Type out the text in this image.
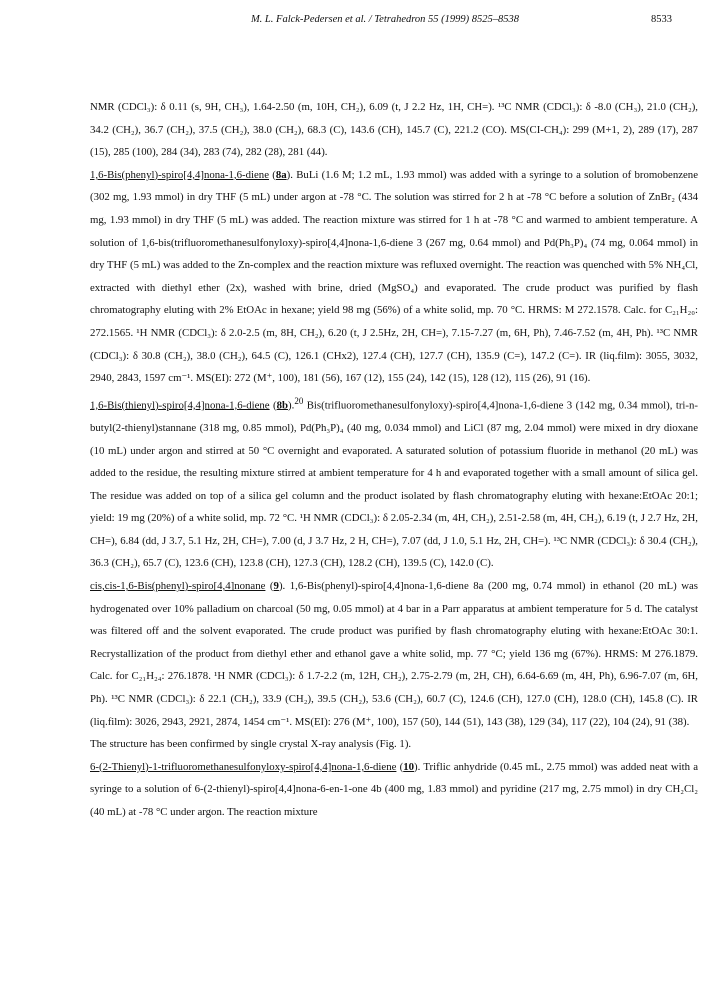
M. L. Falck-Pedersen et al. / Tetrahedron 55 (1999) 8525–8538	8533

NMR (CDCl₃): δ 0.11 (s, 9H, CH₃), 1.64-2.50 (m, 10H, CH₂), 6.09 (t, J 2.2 Hz, 1H, CH=). ¹³C NMR (CDCl₃): δ -8.0 (CH₃), 21.0 (CH₂), 34.2 (CH₂), 36.7 (CH₂), 37.5 (CH₂), 38.0 (CH₂), 68.3 (C), 143.6 (CH), 145.7 (C), 221.2 (CO). MS(CI-CH₄): 299 (M+1, 2), 289 (17), 287 (15), 285 (100), 284 (34), 283 (74), 282 (28), 281 (44).

1,6-Bis(phenyl)-spiro[4,4]nona-1,6-diene (8a). BuLi (1.6 M; 1.2 mL, 1.93 mmol) was added with a syringe to a solution of bromobenzene (302 mg, 1.93 mmol) in dry THF (5 mL) under argon at -78 °C. The solution was stirred for 2 h at -78 °C before a solution of ZnBr₂ (434 mg, 1.93 mmol) in dry THF (5 mL) was added. The reaction mixture was stirred for 1 h at -78 °C and warmed to ambient temperature. A solution of 1,6-bis(trifluoromethanesulfonyloxy)-spiro[4,4]nona-1,6-diene 3 (267 mg, 0.64 mmol) and Pd(Ph₃P)₄ (74 mg, 0.064 mmol) in dry THF (5 mL) was added to the Zn-complex and the reaction mixture was refluxed overnight. The reaction was quenched with 5% NH₄Cl, extracted with diethyl ether (2x), washed with brine, dried (MgSO₄) and evaporated. The crude product was purified by flash chromatography eluting with 2% EtOAc in hexane; yield 98 mg (56%) of a white solid, mp. 70 °C. HRMS: M 272.1578. Calc. for C₂₁H₂₀: 272.1565. ¹H NMR (CDCl₃): δ 2.0-2.5 (m, 8H, CH₂), 6.20 (t, J 2.5Hz, 2H, CH=), 7.15-7.27 (m, 6H, Ph), 7.46-7.52 (m, 4H, Ph). ¹³C NMR (CDCl₃): δ 30.8 (CH₂), 38.0 (CH₂), 64.5 (C), 126.1 (CHx2), 127.4 (CH), 127.7 (CH), 135.9 (C=), 147.2 (C=). IR (liq.film): 3055, 3032, 2940, 2843, 1597 cm⁻¹. MS(EI): 272 (M⁺, 100), 181 (56), 167 (12), 155 (24), 142 (15), 128 (12), 115 (26), 91 (16).

1,6-Bis(thienyl)-spiro[4,4]nona-1,6-diene (8b).$^{20}$ Bis(trifluoromethanesulfonyloxy)-spiro[4,4]nona-1,6-diene 3 (142 mg, 0.34 mmol), tri-n-butyl(2-thienyl)stannane (318 mg, 0.85 mmol), Pd(Ph₃P)₄ (40 mg, 0.034 mmol) and LiCl (87 mg, 2.04 mmol) were mixed in dry dioxane (10 mL) under argon and stirred at 50 °C overnight and evaporated. A saturated solution of potassium fluoride in methanol (20 mL) was added to the residue, the resulting mixture stirred at ambient temperature for 4 h and evaporated together with a small amount of silica gel. The residue was added on top of a silica gel column and the product isolated by flash chromatography eluting with hexane:EtOAc 20:1; yield: 19 mg (20%) of a white solid, mp. 72 °C. ¹H NMR (CDCl₃): δ 2.05-2.34 (m, 4H, CH₂), 2.51-2.58 (m, 4H, CH₂), 6.19 (t, J 2.7 Hz, 2H, CH=), 6.84 (dd, J 3.7, 5.1 Hz, 2H, CH=), 7.00 (d, J 3.7 Hz, 2 H, CH=), 7.07 (dd, J 1.0, 5.1 Hz, 2H, CH=). ¹³C NMR (CDCl₃): δ 30.4 (CH₂), 36.3 (CH₂), 65.7 (C), 123.6 (CH), 123.8 (CH), 127.3 (CH), 128.2 (CH), 139.5 (C), 142.0 (C).

cis,cis-1,6-Bis(phenyl)-spiro[4,4]nonane (9). 1,6-Bis(phenyl)-spiro[4,4]nona-1,6-diene 8a (200 mg, 0.74 mmol) in ethanol (20 mL) was hydrogenated over 10% palladium on charcoal (50 mg, 0.05 mmol) at 4 bar in a Parr apparatus at ambient temperature for 5 d. The catalyst was filtered off and the solvent evaporated. The crude product was purified by flash chromatography eluting with hexane:EtOAc 30:1. Recrystallization of the product from diethyl ether and ethanol gave a white solid, mp. 77 °C; yield 136 mg (67%). HRMS: M 276.1879. Calc. for C₂₁H₂₄: 276.1878. ¹H NMR (CDCl₃): δ 1.7-2.2 (m, 12H, CH₂), 2.75-2.79 (m, 2H, CH), 6.64-6.69 (m, 4H, Ph), 6.96-7.07 (m, 6H, Ph). ¹³C NMR (CDCl₃): δ 22.1 (CH₂), 33.9 (CH₂), 39.5 (CH₂), 53.6 (CH₂), 60.7 (C), 124.6 (CH), 127.0 (CH), 128.0 (CH), 145.8 (C). IR (liq.film): 3026, 2943, 2921, 2874, 1454 cm⁻¹. MS(EI): 276 (M⁺, 100), 157 (50), 144 (51), 143 (38), 129 (34), 117 (22), 104 (24), 91 (38).

The structure has been confirmed by single crystal X-ray analysis (Fig. 1).

6-(2-Thienyl)-1-trifluoromethanesulfonyloxy-spiro[4,4]nona-1,6-diene (10). Triflic anhydride (0.45 mL, 2.75 mmol) was added neat with a syringe to a solution of 6-(2-thienyl)-spiro[4,4]nona-6-en-1-one 4b (400 mg, 1.83 mmol) and pyridine (217 mg, 2.75 mmol) in dry CH₂Cl₂ (40 mL) at -78 °C under argon. The reaction mixture
